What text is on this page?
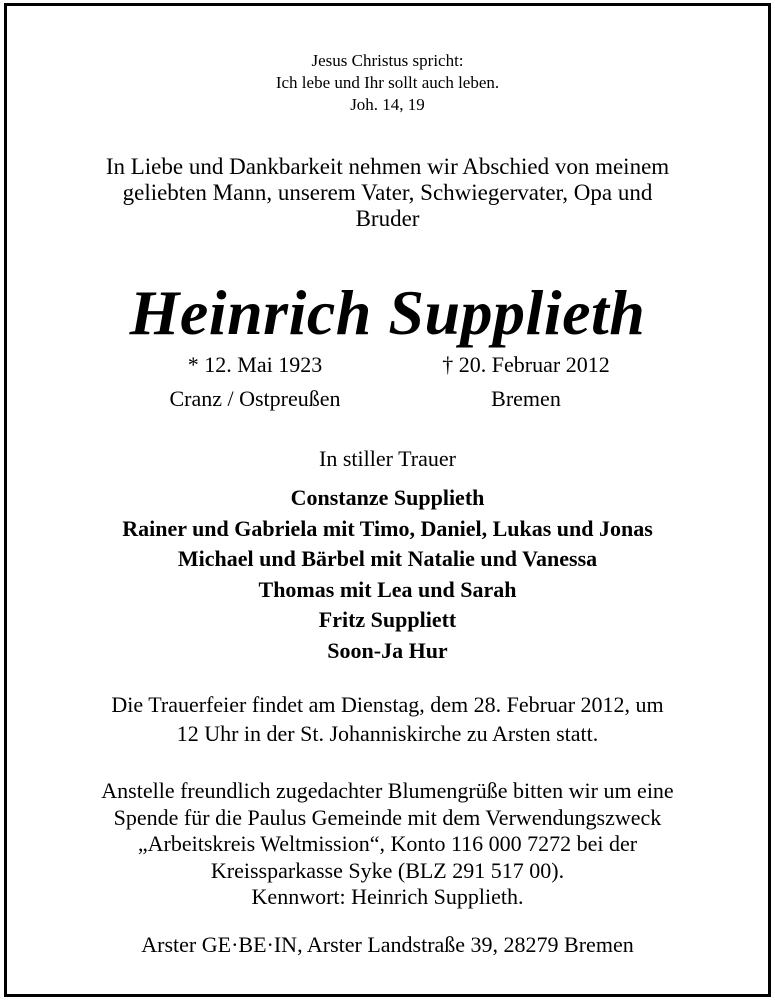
Jesus Christus spricht:
Ich lebe und Ihr sollt auch leben.
Joh. 14, 19
In Liebe und Dankbarkeit nehmen wir Abschied von meinem
geliebten Mann, unserem Vater, Schwiegervater, Opa und
Bruder
Heinrich Supplieth
* 12. Mai 1923
Cranz / Ostpreußen
† 20. Februar 2012
Bremen
In stiller Trauer
Constanze Supplieth
Rainer und Gabriela mit Timo, Daniel, Lukas und Jonas
Michael und Bärbel mit Natalie und Vanessa
Thomas mit Lea und Sarah
Fritz Suppliett
Soon-Ja Hur
Die Trauerfeier findet am Dienstag, dem 28. Februar 2012, um
12 Uhr in der St. Johanniskirche zu Arsten statt.
Anstelle freundlich zugedachter Blumengrüße bitten wir um eine
Spende für die Paulus Gemeinde mit dem Verwendungszweck
„Arbeitskreis Weltmission“, Konto 116 000 7272 bei der
Kreissparkasse Syke (BLZ 291 517 00).
Kennwort: Heinrich Supplieth.
Arster GE·BE·IN, Arster Landstraße 39, 28279 Bremen
